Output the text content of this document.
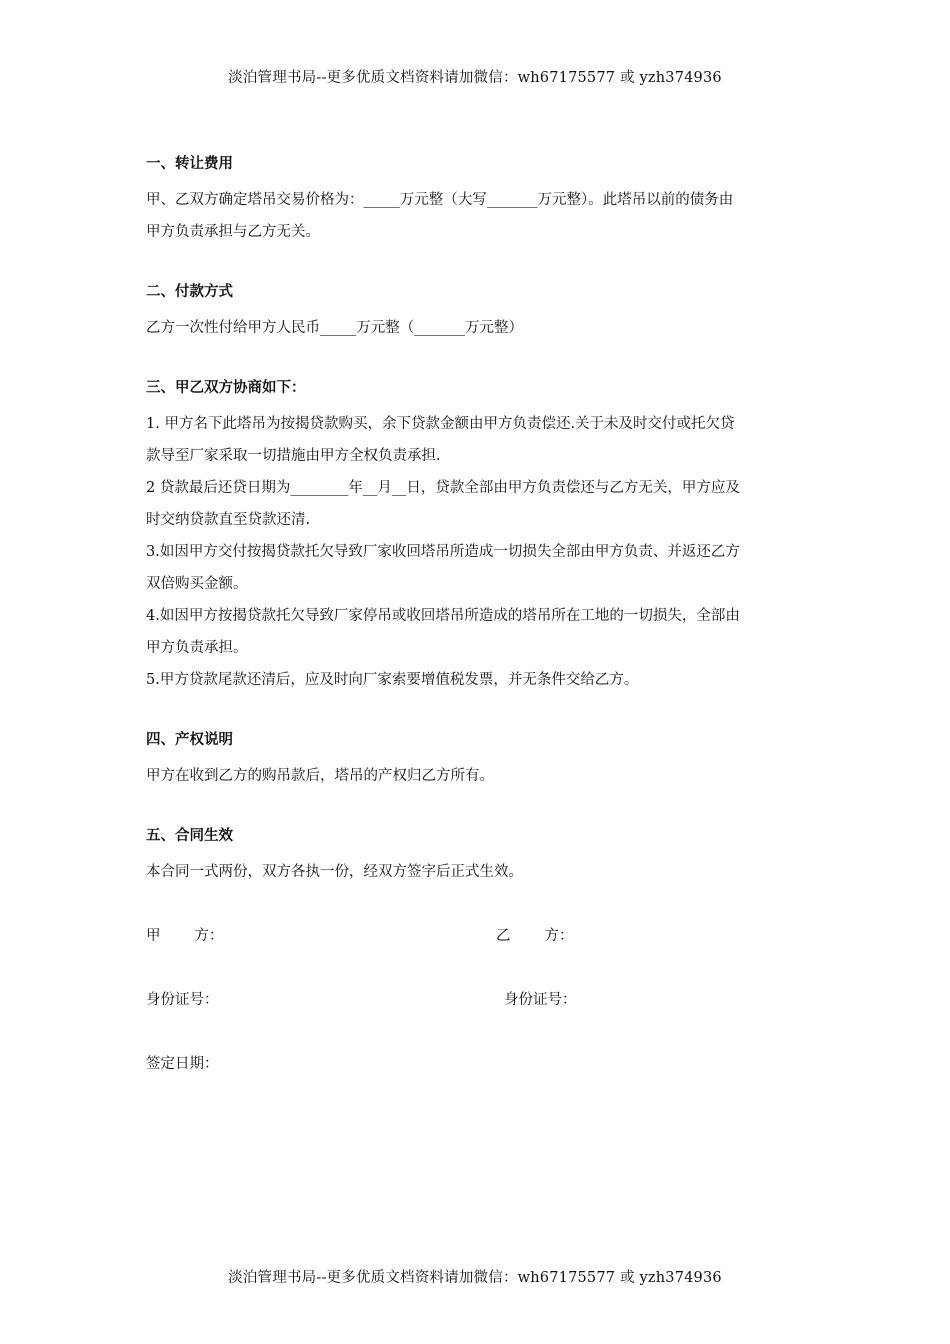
淡泊管理书局--更多优质文档资料请加微信：wh67175577 或 yzh374936
一、转让费用

甲、乙双方确定塔吊交易价格为：_____万元整（大写_______万元整）。此塔吊以前的债务由

甲方负责承担与乙方无关。

二、付款方式

乙方一次性付给甲方人民币_____万元整（_______万元整）

三、甲乙双方协商如下：

1. 甲方名下此塔吊为按揭贷款购买，余下贷款金额由甲方负责偿还.关于未及时交付或托欠贷

款导至厂家采取一切措施由甲方全权负责承担.

2 贷款最后还贷日期为________年__月__日，贷款全部由甲方负责偿还与乙方无关，甲方应及

时交纳贷款直至贷款还清.

3.如因甲方交付按揭贷款托欠导致厂家收回塔吊所造成一切损失全部由甲方负责、并返还乙方

双倍购买金额。

4.如因甲方按揭贷款托欠导致厂家停吊或收回塔吊所造成的塔吊所在工地的一切损失，全部由

甲方负责承担。

5.甲方贷款尾款还清后，应及时向厂家索要增值税发票，并无条件交给乙方。

四、产权说明

甲方在收到乙方的购吊款后，塔吊的产权归乙方所有。

五、合同生效

本合同一式两份，双方各执一份，经双方签字后正式生效。

甲 方：	乙 方：
身份证号：	身份证号：
签定日期：
淡泊管理书局--更多优质文档资料请加微信：wh67175577 或 yzh374936
